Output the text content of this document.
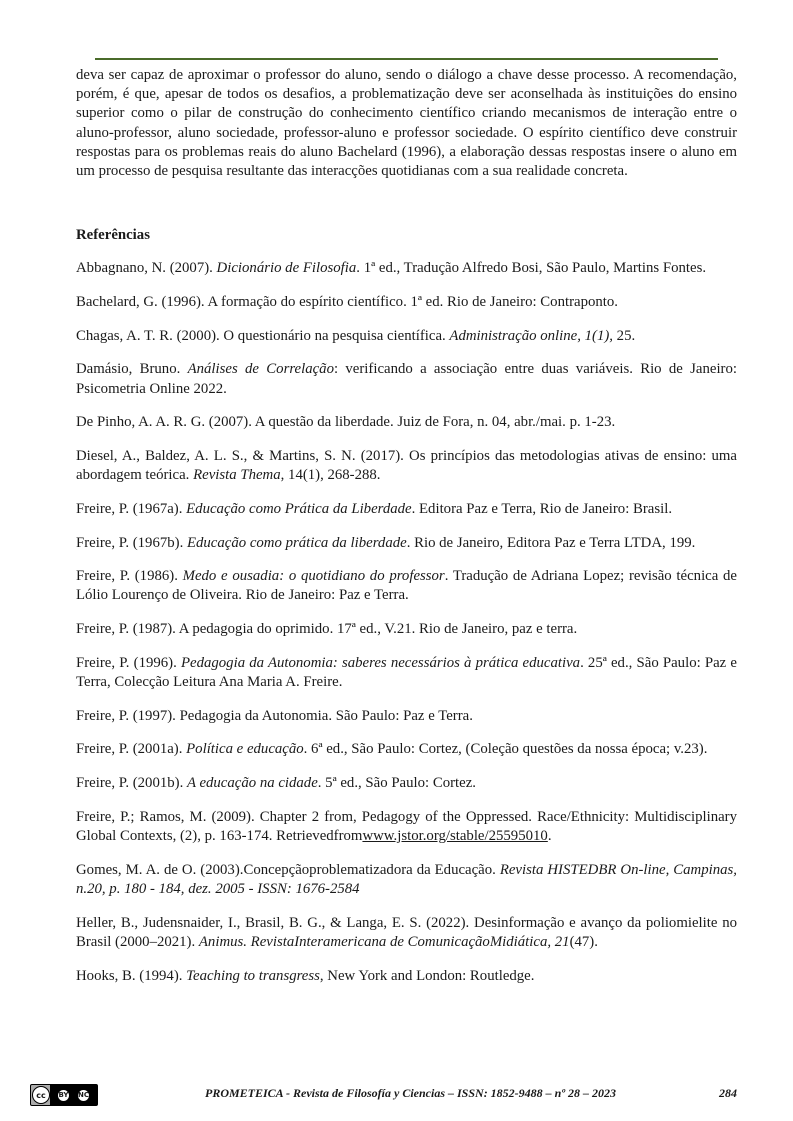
deva ser capaz de aproximar o professor do aluno, sendo o diálogo a chave desse processo. A recomendação, porém, é que, apesar de todos os desafios, a problematização deve ser aconselhada às instituições do ensino superior como o pilar de construção do conhecimento científico criando mecanismos de interação entre o aluno-professor, aluno sociedade, professor-aluno e professor sociedade. O espírito científico deve construir respostas para os problemas reais do aluno Bachelard (1996), a elaboração dessas respostas insere o aluno em um processo de pesquisa resultante das interacções quotidianas com a sua realidade concreta.

Referências

Abbagnano, N. (2007). Dicionário de Filosofia. 1ª ed., Tradução Alfredo Bosi, São Paulo, Martins Fontes.

Bachelard, G. (1996). A formação do espírito científico. 1ª ed. Rio de Janeiro: Contraponto.

Chagas, A. T. R. (2000). O questionário na pesquisa científica. Administração online, 1(1), 25.

Damásio, Bruno. Análises de Correlação: verificando a associação entre duas variáveis. Rio de Janeiro: Psicometria Online 2022.

De Pinho, A. A. R. G. (2007). A questão da liberdade. Juiz de Fora, n. 04, abr./mai. p. 1-23.

Diesel, A., Baldez, A. L. S., & Martins, S. N. (2017). Os princípios das metodologias ativas de ensino: uma abordagem teórica. Revista Thema, 14(1), 268-288.

Freire, P. (1967a). Educação como Prática da Liberdade. Editora Paz e Terra, Rio de Janeiro: Brasil.

Freire, P. (1967b). Educação como prática da liberdade. Rio de Janeiro, Editora Paz e Terra LTDA, 199.

Freire, P. (1986). Medo e ousadia: o quotidiano do professor. Tradução de Adriana Lopez; revisão técnica de Lólio Lourenço de Oliveira. Rio de Janeiro: Paz e Terra.

Freire, P. (1987). A pedagogia do oprimido. 17ª ed., V.21. Rio de Janeiro, paz e terra.

Freire, P. (1996). Pedagogia da Autonomia: saberes necessários à prática educativa. 25ª ed., São Paulo: Paz e Terra, Colecção Leitura Ana Maria A. Freire.

Freire, P. (1997). Pedagogia da Autonomia. São Paulo: Paz e Terra.

Freire, P. (2001a). Política e educação. 6ª ed., São Paulo: Cortez, (Coleção questões da nossa época; v.23).

Freire, P. (2001b). A educação na cidade. 5ª ed., São Paulo: Cortez.

Freire, P.; Ramos, M. (2009). Chapter 2 from, Pedagogy of the Oppressed. Race/Ethnicity: Multidisciplinary Global Contexts, (2), p. 163-174. Retrievedfromwww.jstor.org/stable/25595010.

Gomes, M. A. de O. (2003).Concepçãoproblematizadora da Educação. Revista HISTEDBR On-line, Campinas, n.20, p. 180 - 184, dez. 2005 - ISSN: 1676-2584

Heller, B., Judensnaider, I., Brasil, B. G., & Langa, E. S. (2022). Desinformação e avanço da poliomielite no Brasil (2000–2021). Animus. RevistaInteramericana de ComunicaçãoMidiática, 21(47).

Hooks, B. (1994). Teaching to transgress, New York and London: Routledge.

cc	BY NC	PROMETEICA - Revista de Filosofía y Ciencias – ISSN: 1852-9488 – nº 28 – 2023	284
